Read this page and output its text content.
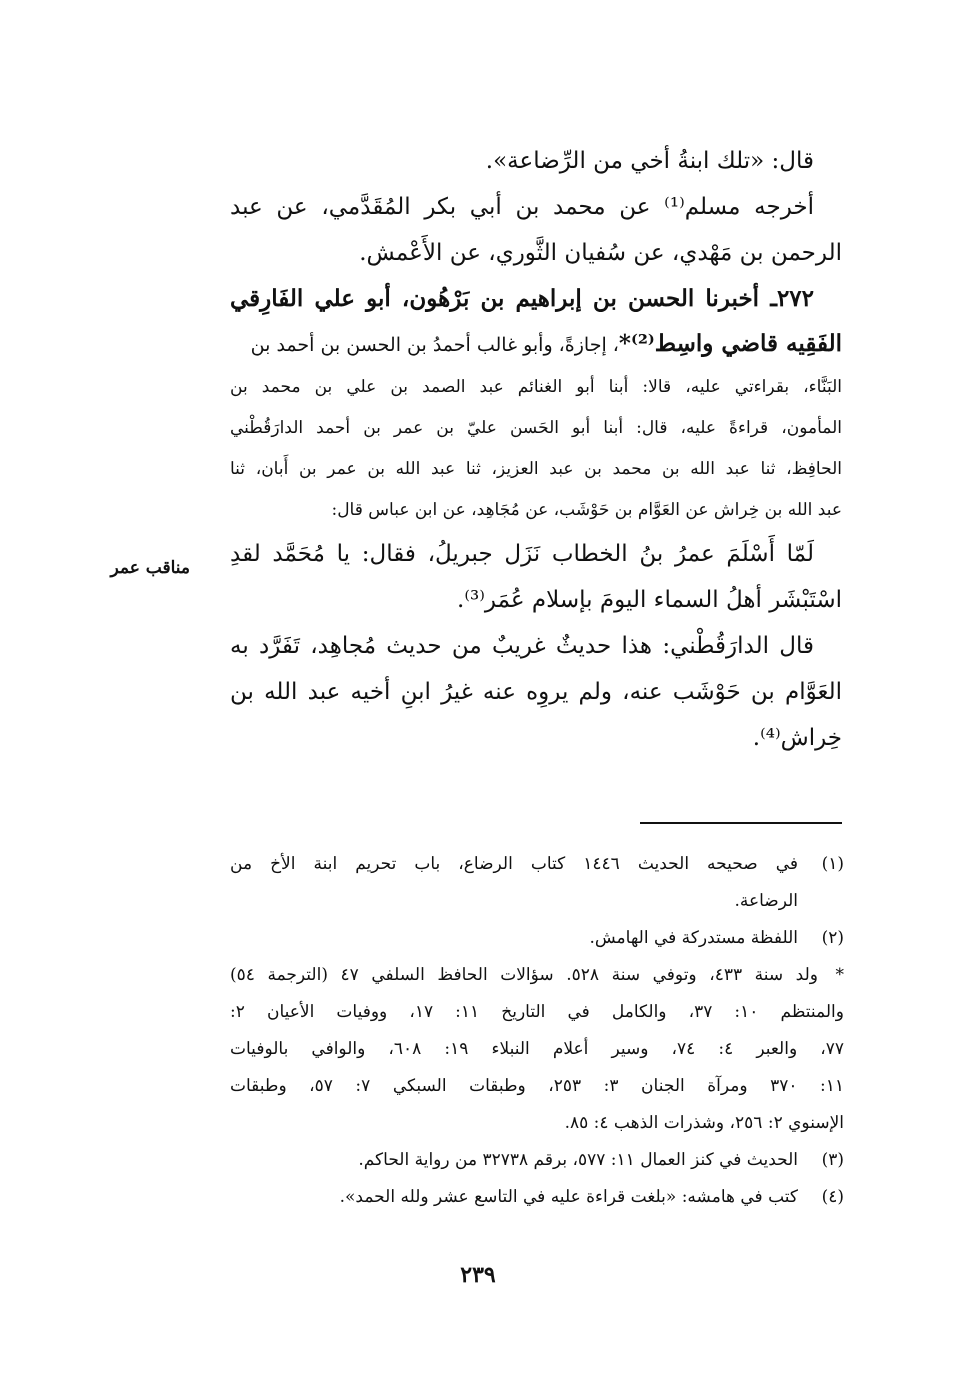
قال: «تلك ابنةُ أخي من الرِّضاعة».
أخرجه مسلم⁽¹⁾ عن محمد بن أبي بكر المُقَدَّمي، عن عبد
الرحمن بن مَهْدي، عن سُفيان الثَّوري، عن الأَعْمش.
٢٧٢ـ أخبرنا الحسن بن إبراهيم بن بَرْهُون، أبو علي الفَارِقي
الفَقِيه قاضي واسِط⁽²⁾*، إجازةً، وأبو غالب أحمدُ بن الحسن بن أحمد بن
البَنَّاء، بقراءتي عليه، قالا: أبنا أبو الغنائم عبد الصمد بن علي بن محمد بن
المأمون، قراءةً عليه، قال: أبنا أبو الحَسن عليّ بن عمر بن أحمد الدارَقُطْني
الحافِظ، ثنا عبد الله بن محمد بن عبد العزيز، ثنا عبد الله بن عمر بن أَبان، ثنا
عبد الله بن خِراش عن العَوَّام بن حَوْشَب، عن مُجَاهِد، عن ابن عباس قال:
لَمّا أَسْلَمَ عمرُ بنُ الخطاب نَزَل جبريلُ، فقال: يا مُحَمَّد لقدِ
اسْتَبْشَر أهلُ السماء اليومَ بإسلام عُمَر⁽³⁾.
قال الدارَقُطْني: هذا حديثٌ غريبٌ من حديث مُجاهِد، تَفَرَّد به
العَوَّام بن حَوْشَب عنه، ولم يروِه عنه غيرُ ابنِ أخيه عبد الله بن
خِراش⁽⁴⁾.
مناقب عمر
(١)
في صحيحه الحديث ١٤٤٦ كتاب الرضاع، باب تحريم ابنة الأخ من
الرضاعة.
(٢)
اللفظة مستدركة في الهامش.
*
ولد سنة ٤٣٣، وتوفي سنة ٥٢٨. سؤالات الحافظ السلفي ٤٧ (الترجمة ٥٤)
والمنتظم ١٠: ٣٧، والكامل في التاريخ ١١: ١٧، ووفيات الأعيان ٢:
٧٧، والعبر ٤: ٧٤، وسير أعلام النبلاء ١٩: ٦٠٨، والوافي بالوفيات
١١: ٣٧٠ ومرآة الجنان ٣: ٢٥٣، وطبقات السبكي ٧: ٥٧، وطبقات
الإسنوي ٢: ٢٥٦، وشذرات الذهب ٤: ٨٥.
(٣)
الحديث في كنز العمال ١١: ٥٧٧، برقم ٣٢٧٣٨ من رواية الحاكم.
(٤)
كتب في هامشه: «بلغت قراءة عليه في التاسع عشر ولله الحمد».
٢٣٩
